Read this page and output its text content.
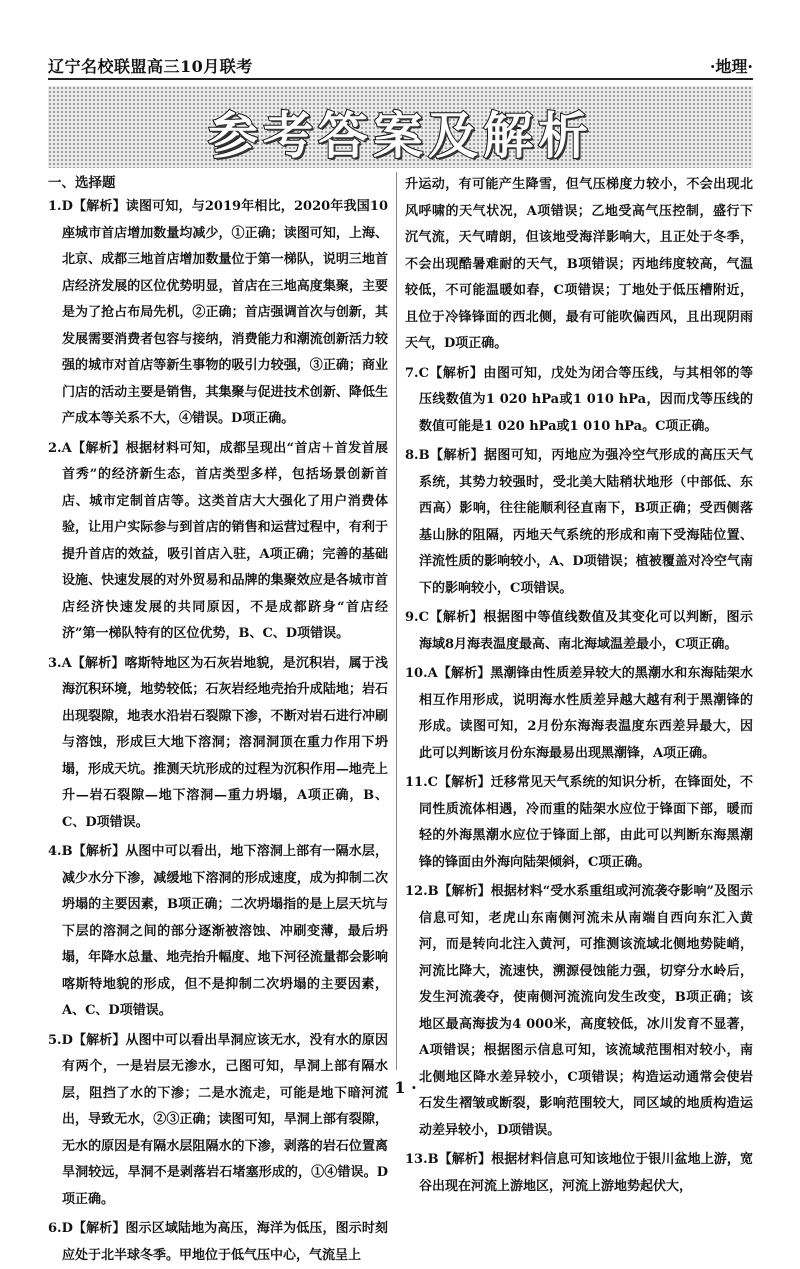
辽宁名校联盟高三10月联考	·地理·
参考答案及解析

一、选择题

1.D【解析】读图可知，与2019年相比，2020年我国10座城市首店增加数量均减少，①正确；读图可知，上海、北京、成都三地首店增加数量位于第一梯队，说明三地首店经济发展的区位优势明显，首店在三地高度集聚，主要是为了抢占布局先机，②正确；首店强调首次与创新，其发展需要消费者包容与接纳，消费能力和潮流创新活力较强的城市对首店等新生事物的吸引力较强，③正确；商业门店的活动主要是销售，其集聚与促进技术创新、降低生产成本等关系不大，④错误。D项正确。

2.A【解析】根据材料可知，成都呈现出“首店＋首发首展首秀”的经济新生态，首店类型多样，包括场景创新首店、城市定制首店等。这类首店大大强化了用户消费体验，让用户实际参与到首店的销售和运营过程中，有利于提升首店的效益，吸引首店入驻，A项正确；完善的基础设施、快速发展的对外贸易和品牌的集聚效应是各城市首店经济快速发展的共同原因，不是成都跻身“首店经济”第一梯队特有的区位优势，B、C、D项错误。

3.A【解析】喀斯特地区为石灰岩地貌，是沉积岩，属于浅海沉积环境，地势较低；石灰岩经地壳抬升成陆地；岩石出现裂隙，地表水沿岩石裂隙下渗，不断对岩石进行冲刷与溶蚀，形成巨大地下溶洞；溶洞洞顶在重力作用下坍塌，形成天坑。推测天坑形成的过程为沉积作用—地壳上升—岩石裂隙—地下溶洞—重力坍塌，A项正确，B、C、D项错误。

4.B【解析】从图中可以看出，地下溶洞上部有一隔水层，减少水分下渗，减缓地下溶洞的形成速度，成为抑制二次坍塌的主要因素，B项正确；二次坍塌指的是上层天坑与下层的溶洞之间的部分逐渐被溶蚀、冲刷变薄，最后坍塌，年降水总量、地壳抬升幅度、地下河径流量都会影响喀斯特地貌的形成，但不是抑制二次坍塌的主要因素，A、C、D项错误。

5.D【解析】从图中可以看出旱洞应该无水，没有水的原因有两个，一是岩层无渗水，己图可知，旱洞上部有隔水层，阻挡了水的下渗；二是水流走，可能是地下暗河流出，导致无水，②③正确；读图可知，旱洞上部有裂隙，无水的原因是有隔水层阻隔水的下渗，剥落的岩石位置离旱洞较远，旱洞不是剥落岩石堵塞形成的，①④错误。D项正确。

6.D【解析】图示区域陆地为高压，海洋为低压，图示时刻应处于北半球冬季。甲地位于低气压中心，气流呈上

升运动，有可能产生降雪，但气压梯度力较小，不会出现北风呼啸的天气状况，A项错误；乙地受高气压控制，盛行下沉气流，天气晴朗，但该地受海洋影响大，且正处于冬季，不会出现酷暑难耐的天气，B项错误；丙地纬度较高，气温较低，不可能温暖如春，C项错误；丁地处于低压槽附近，且位于冷锋锋面的西北侧，最有可能吹偏西风，且出现阴雨天气，D项正确。

7.C【解析】由图可知，戊处为闭合等压线，与其相邻的等压线数值为1 020 hPa或1 010 hPa，因而戊等压线的数值可能是1 020 hPa或1 010 hPa。C项正确。

8.B【解析】据图可知，丙地应为强冷空气形成的高压天气系统，其势力较强时，受北美大陆稍状地形（中部低、东西高）影响，往往能顺利径直南下，B项正确；受西侧落基山脉的阻隔，丙地天气系统的形成和南下受海陆位置、洋流性质的影响较小，A、D项错误；植被覆盖对冷空气南下的影响较小，C项错误。

9.C【解析】根据图中等值线数值及其变化可以判断，图示海域8月海表温度最高、南北海域温差最小，C项正确。

10.A【解析】黑潮锋由性质差异较大的黑潮水和东海陆架水相互作用形成，说明海水性质差异越大越有利于黑潮锋的形成。读图可知，2月份东海海表温度东西差异最大，因此可以判断该月份东海最易出现黑潮锋，A项正确。

11.C【解析】迁移常见天气系统的知识分析，在锋面处，不同性质流体相遇，冷而重的陆架水应位于锋面下部，暖而轻的外海黑潮水应位于锋面上部，由此可以判断东海黑潮锋的锋面由外海向陆架倾斜，C项正确。

12.B【解析】根据材料“受水系重组或河流袭夺影响”及图示信息可知，老虎山东南侧河流未从南端自西向东汇入黄河，而是转向北注入黄河，可推测该流域北侧地势陡峭，河流比降大，流速快，溯源侵蚀能力强，切穿分水岭后，发生河流袭夺，使南侧河流流向发生改变，B项正确；该地区最高海拔为4 000米，高度较低，冰川发育不显著，A项错误；根据图示信息可知，该流域范围相对较小，南北侧地区降水差异较小，C项错误；构造运动通常会使岩石发生褶皱或断裂，影响范围较大，同区域的地质构造运动差异较小，D项错误。

13.B【解析】根据材料信息可知该地位于银川盆地上游，宽谷出现在河流上游地区，河流上游地势起伏大，

· 1 ·
